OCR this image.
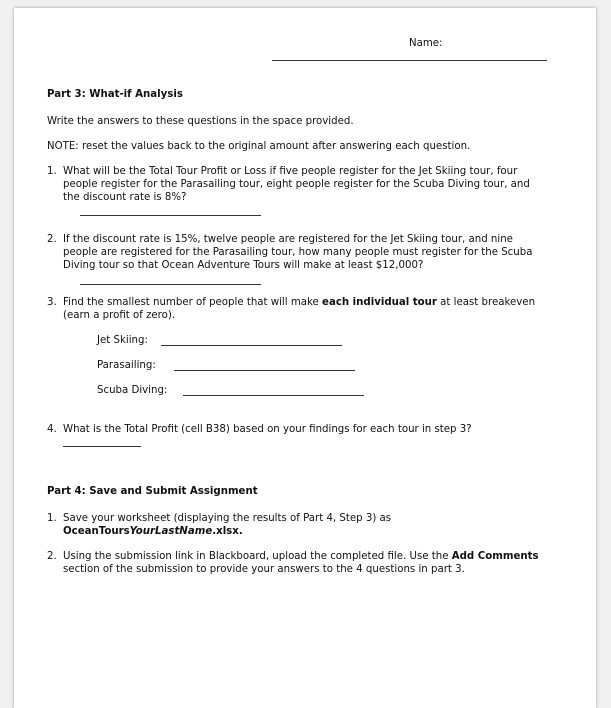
Name:
Part 3: What-if Analysis
Write the answers to these questions in the space provided.
NOTE: reset the values back to the original amount after answering each question.
1. What will be the Total Tour Profit or Loss if five people register for the Jet Skiing tour, four
people register for the Parasailing tour, eight people register for the Scuba Diving tour, and
the discount rate is 8%?
2. If the discount rate is 15%, twelve people are registered for the Jet Skiing tour, and nine
people are registered for the Parasailing tour, how many people must register for the Scuba
Diving tour so that Ocean Adventure Tours will make at least $12,000?
3. Find the smallest number of people that will make each individual tour at least breakeven
(earn a profit of zero).
Jet Skiing:
Parasailing:
Scuba Diving:
4. What is the Total Profit (cell B38) based on your findings for each tour in step 3?
Part 4: Save and Submit Assignment
1. Save your worksheet (displaying the results of Part 4, Step 3) as
OceanToursYourLastName.xlsx.
2. Using the submission link in Blackboard, upload the completed file. Use the Add Comments
section of the submission to provide your answers to the 4 questions in part 3.
